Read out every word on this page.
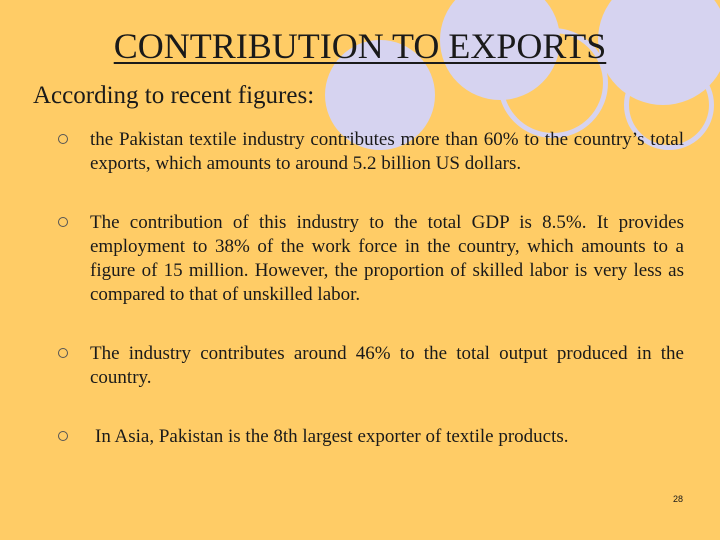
CONTRIBUTION TO EXPORTS
According to recent figures:
the Pakistan textile industry contributes more than 60% to the country’s total exports, which amounts to around 5.2 billion US dollars.
The contribution of this industry to the total GDP is 8.5%. It provides employment to 38% of the work force in the country, which amounts to a figure of 15 million. However, the proportion of skilled labor is very less as compared to that of unskilled labor.
The industry contributes around 46% to the total output produced in the country.
In Asia, Pakistan is the 8th largest exporter of textile products.
28
